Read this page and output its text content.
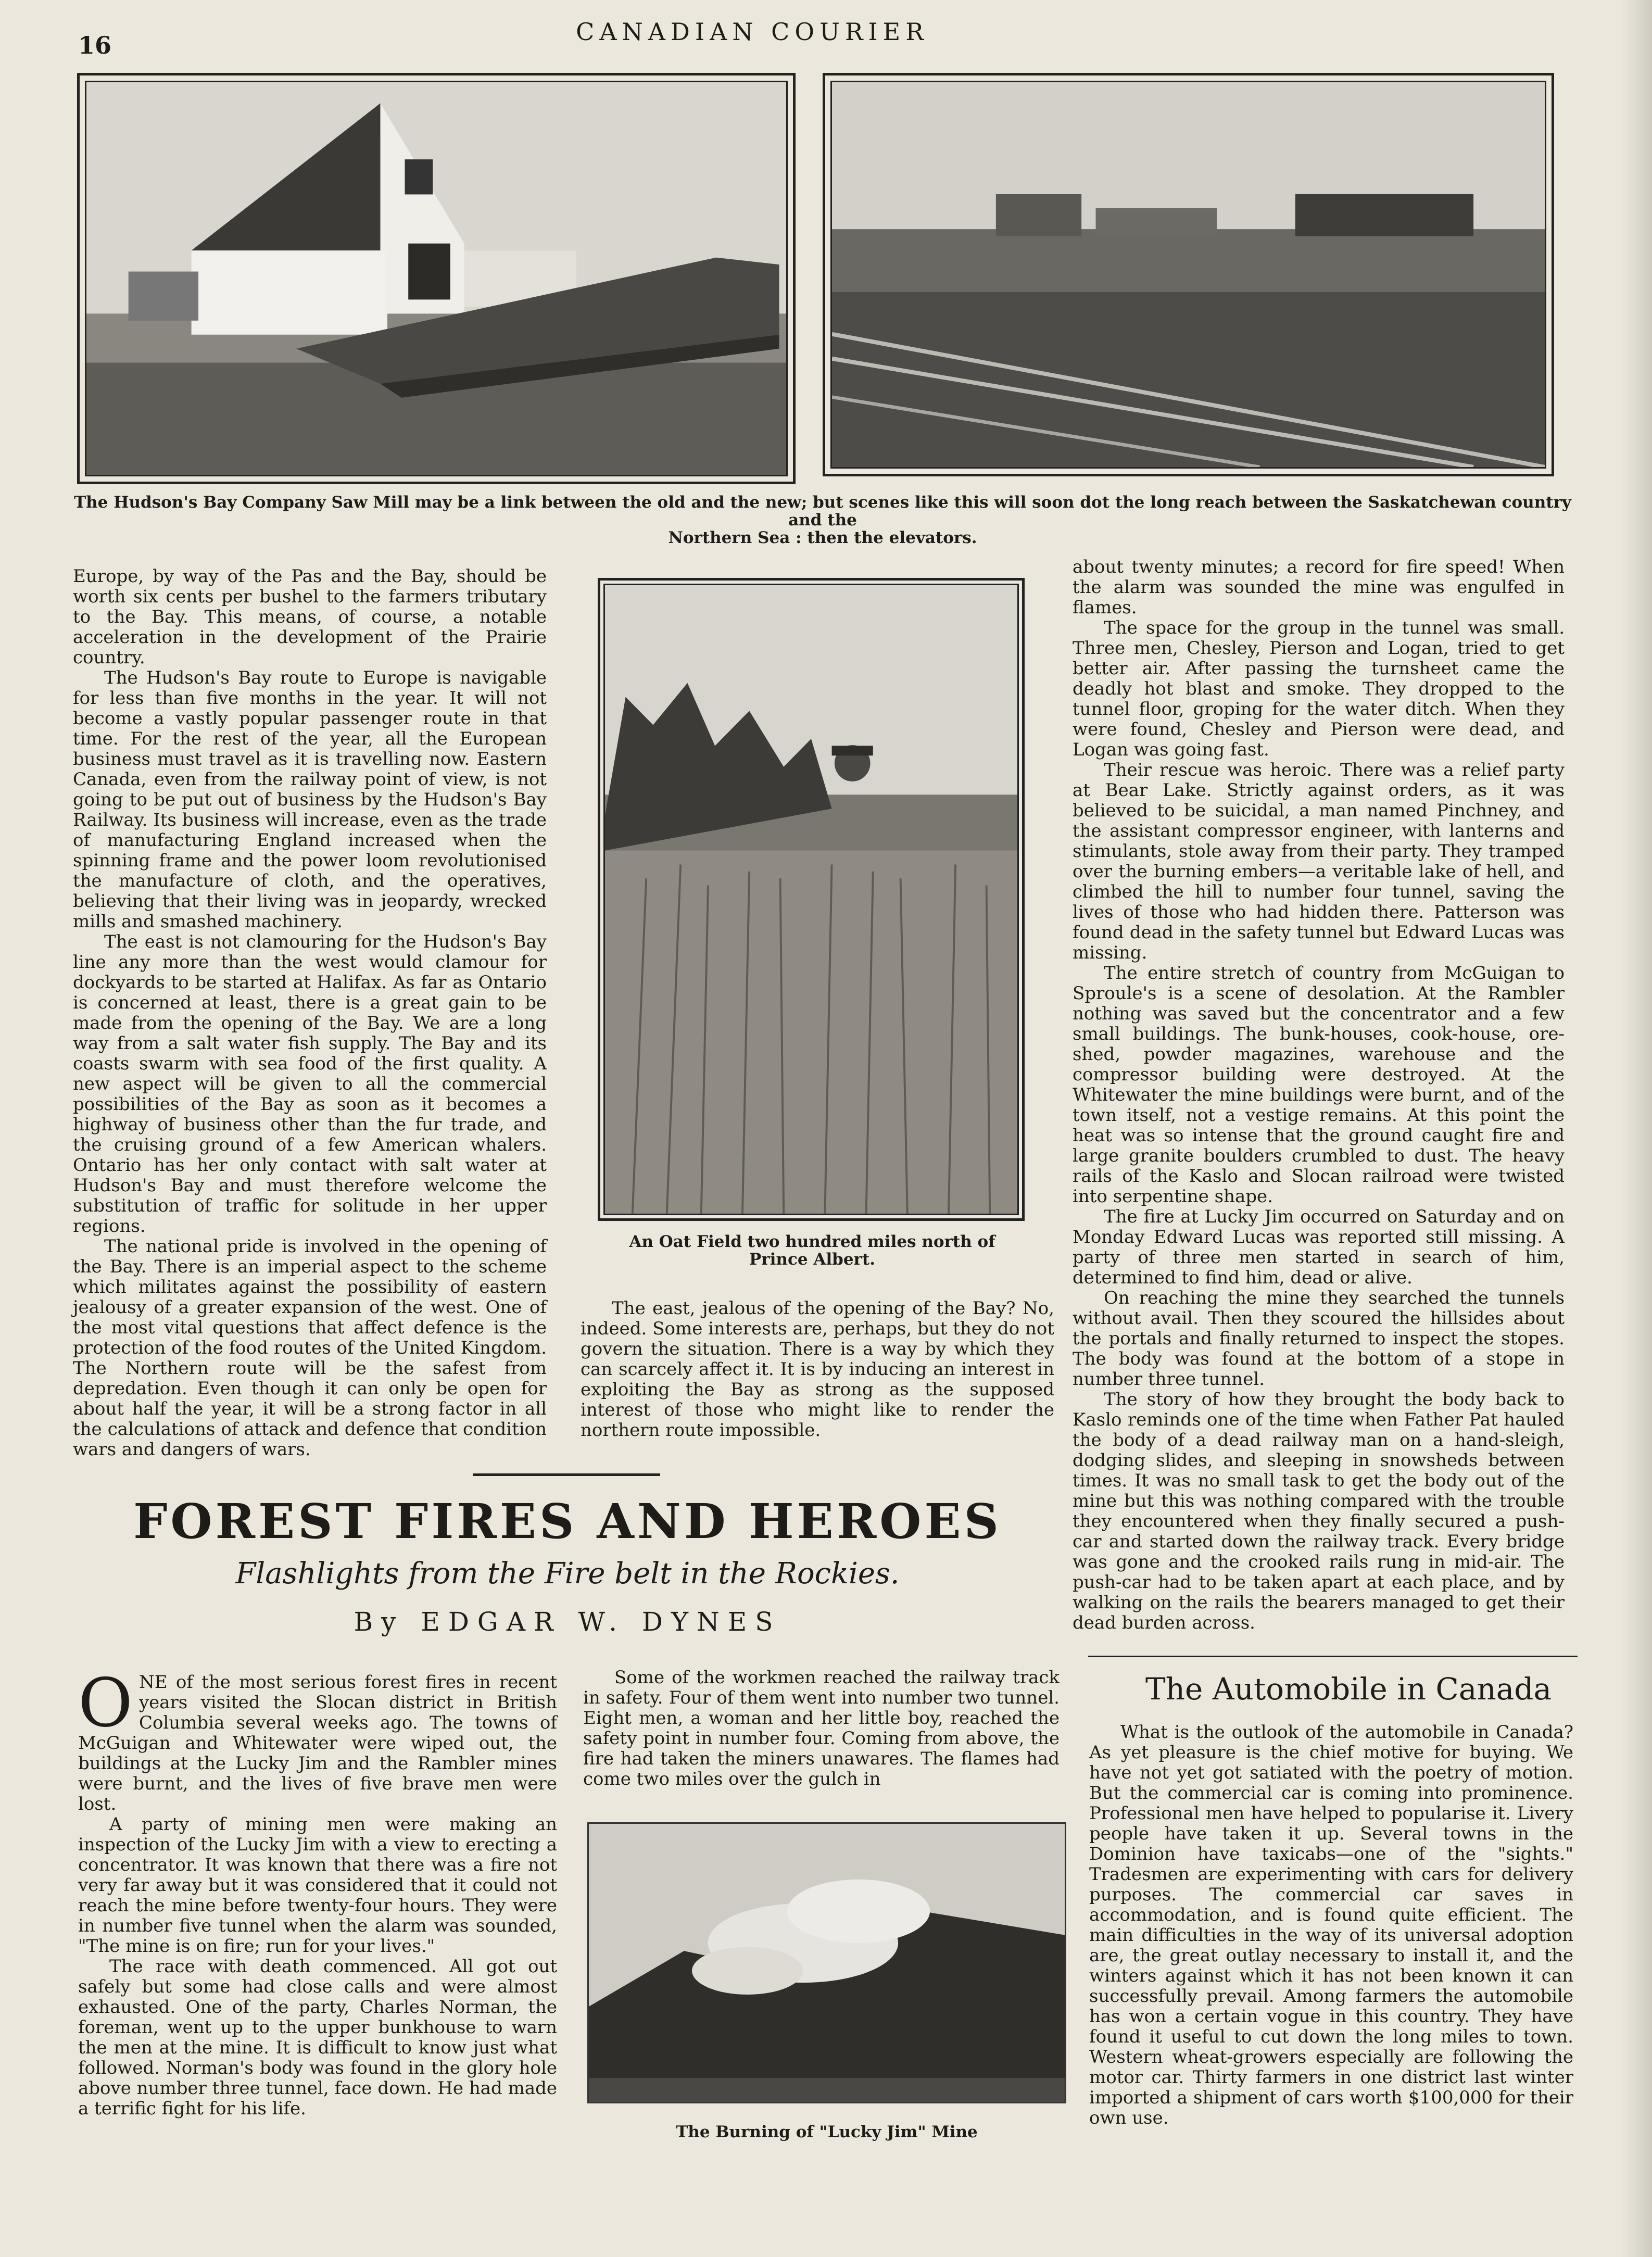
16	CANADIAN COURIER
The Hudson's Bay Company Saw Mill may be a link between the old and the new; but scenes like this will soon dot the long reach between the Saskatchewan country and the
Northern Sea : then the elevators.

Europe, by way of the Pas and the Bay, should be worth six cents per bushel to the farmers tributary to the Bay. This means, of course, a notable acceleration in the development of the Prairie country.

The Hudson's Bay route to Europe is navigable for less than five months in the year. It will not become a vastly popular passenger route in that time. For the rest of the year, all the European business must travel as it is travelling now. Eastern Canada, even from the railway point of view, is not going to be put out of business by the Hudson's Bay Railway. Its business will increase, even as the trade of manufacturing England increased when the spinning frame and the power loom revolutionised the manufacture of cloth, and the operatives, believing that their living was in jeopardy, wrecked mills and smashed machinery.

The east is not clamouring for the Hudson's Bay line any more than the west would clamour for dockyards to be started at Halifax. As far as Ontario is concerned at least, there is a great gain to be made from the opening of the Bay. We are a long way from a salt water fish supply. The Bay and its coasts swarm with sea food of the first quality. A new aspect will be given to all the commercial possibilities of the Bay as soon as it becomes a highway of business other than the fur trade, and the cruising ground of a few American whalers. Ontario has her only contact with salt water at Hudson's Bay and must therefore welcome the substitution of traffic for solitude in her upper regions.

The national pride is involved in the opening of the Bay. There is an imperial aspect to the scheme which militates against the possibility of eastern jealousy of a greater expansion of the west. One of the most vital questions that affect defence is the protection of the food routes of the United Kingdom. The Northern route will be the safest from depredation. Even though it can only be open for about half the year, it will be a strong factor in all the calculations of attack and defence that condition wars and dangers of wars.

An Oat Field two hundred miles north of
Prince Albert.

The east, jealous of the opening of the Bay? No, indeed. Some interests are, perhaps, but they do not govern the situation. There is a way by which they can scarcely affect it. It is by inducing an interest in exploiting the Bay as strong as the supposed interest of those who might like to render the northern route impossible.

about twenty minutes; a record for fire speed! When the alarm was sounded the mine was engulfed in flames.

The space for the group in the tunnel was small. Three men, Chesley, Pierson and Logan, tried to get better air. After passing the turnsheet came the deadly hot blast and smoke. They dropped to the tunnel floor, groping for the water ditch. When they were found, Chesley and Pierson were dead, and Logan was going fast.

Their rescue was heroic. There was a relief party at Bear Lake. Strictly against orders, as it was believed to be suicidal, a man named Pinchney, and the assistant compressor engineer, with lanterns and stimulants, stole away from their party. They tramped over the burning embers—a veritable lake of hell, and climbed the hill to number four tunnel, saving the lives of those who had hidden there. Patterson was found dead in the safety tunnel but Edward Lucas was missing.

The entire stretch of country from McGuigan to Sproule's is a scene of desolation. At the Rambler nothing was saved but the concentrator and a few small buildings. The bunk-houses, cook-house, ore-shed, powder magazines, warehouse and the compressor building were destroyed. At the Whitewater the mine buildings were burnt, and of the town itself, not a vestige remains. At this point the heat was so intense that the ground caught fire and large granite boulders crumbled to dust. The heavy rails of the Kaslo and Slocan railroad were twisted into serpentine shape.

The fire at Lucky Jim occurred on Saturday and on Monday Edward Lucas was reported still missing. A party of three men started in search of him, determined to find him, dead or alive.

On reaching the mine they searched the tunnels without avail. Then they scoured the hillsides about the portals and finally returned to inspect the stopes. The body was found at the bottom of a stope in number three tunnel.

The story of how they brought the body back to Kaslo reminds one of the time when Father Pat hauled the body of a dead railway man on a hand-sleigh, dodging slides, and sleeping in snowsheds between times. It was no small task to get the body out of the mine but this was nothing compared with the trouble they encountered when they finally secured a push-car and started down the railway track. Every bridge was gone and the crooked rails rung in mid-air. The push-car had to be taken apart at each place, and by walking on the rails the bearers managed to get their dead burden across.

FOREST FIRES AND HEROES
Flashlights from the Fire belt in the Rockies.
By EDGAR W. DYNES

ONE of the most serious forest fires in recent years visited the Slocan district in British Columbia several weeks ago. The towns of McGuigan and Whitewater were wiped out, the buildings at the Lucky Jim and the Rambler mines were burnt, and the lives of five brave men were lost.

A party of mining men were making an inspection of the Lucky Jim with a view to erecting a concentrator. It was known that there was a fire not very far away but it was considered that it could not reach the mine before twenty-four hours. They were in number five tunnel when the alarm was sounded, "The mine is on fire; run for your lives."

The race with death commenced. All got out safely but some had close calls and were almost exhausted. One of the party, Charles Norman, the foreman, went up to the upper bunkhouse to warn the men at the mine. It is difficult to know just what followed. Norman's body was found in the glory hole above number three tunnel, face down. He had made a terrific fight for his life.

Some of the workmen reached the railway track in safety. Four of them went into number two tunnel. Eight men, a woman and her little boy, reached the safety point in number four. Coming from above, the fire had taken the miners unawares. The flames had come two miles over the gulch in

The Burning of "Lucky Jim" Mine
The Automobile in Canada

What is the outlook of the automobile in Canada? As yet pleasure is the chief motive for buying. We have not yet got satiated with the poetry of motion. But the commercial car is coming into prominence. Professional men have helped to popularise it. Livery people have taken it up. Several towns in the Dominion have taxicabs—one of the "sights." Tradesmen are experimenting with cars for delivery purposes. The commercial car saves in accommodation, and is found quite efficient. The main difficulties in the way of its universal adoption are, the great outlay necessary to install it, and the winters against which it has not been known it can successfully prevail. Among farmers the automobile has won a certain vogue in this country. They have found it useful to cut down the long miles to town. Western wheat-growers especially are following the motor car. Thirty farmers in one district last winter imported a shipment of cars worth $100,000 for their own use.
